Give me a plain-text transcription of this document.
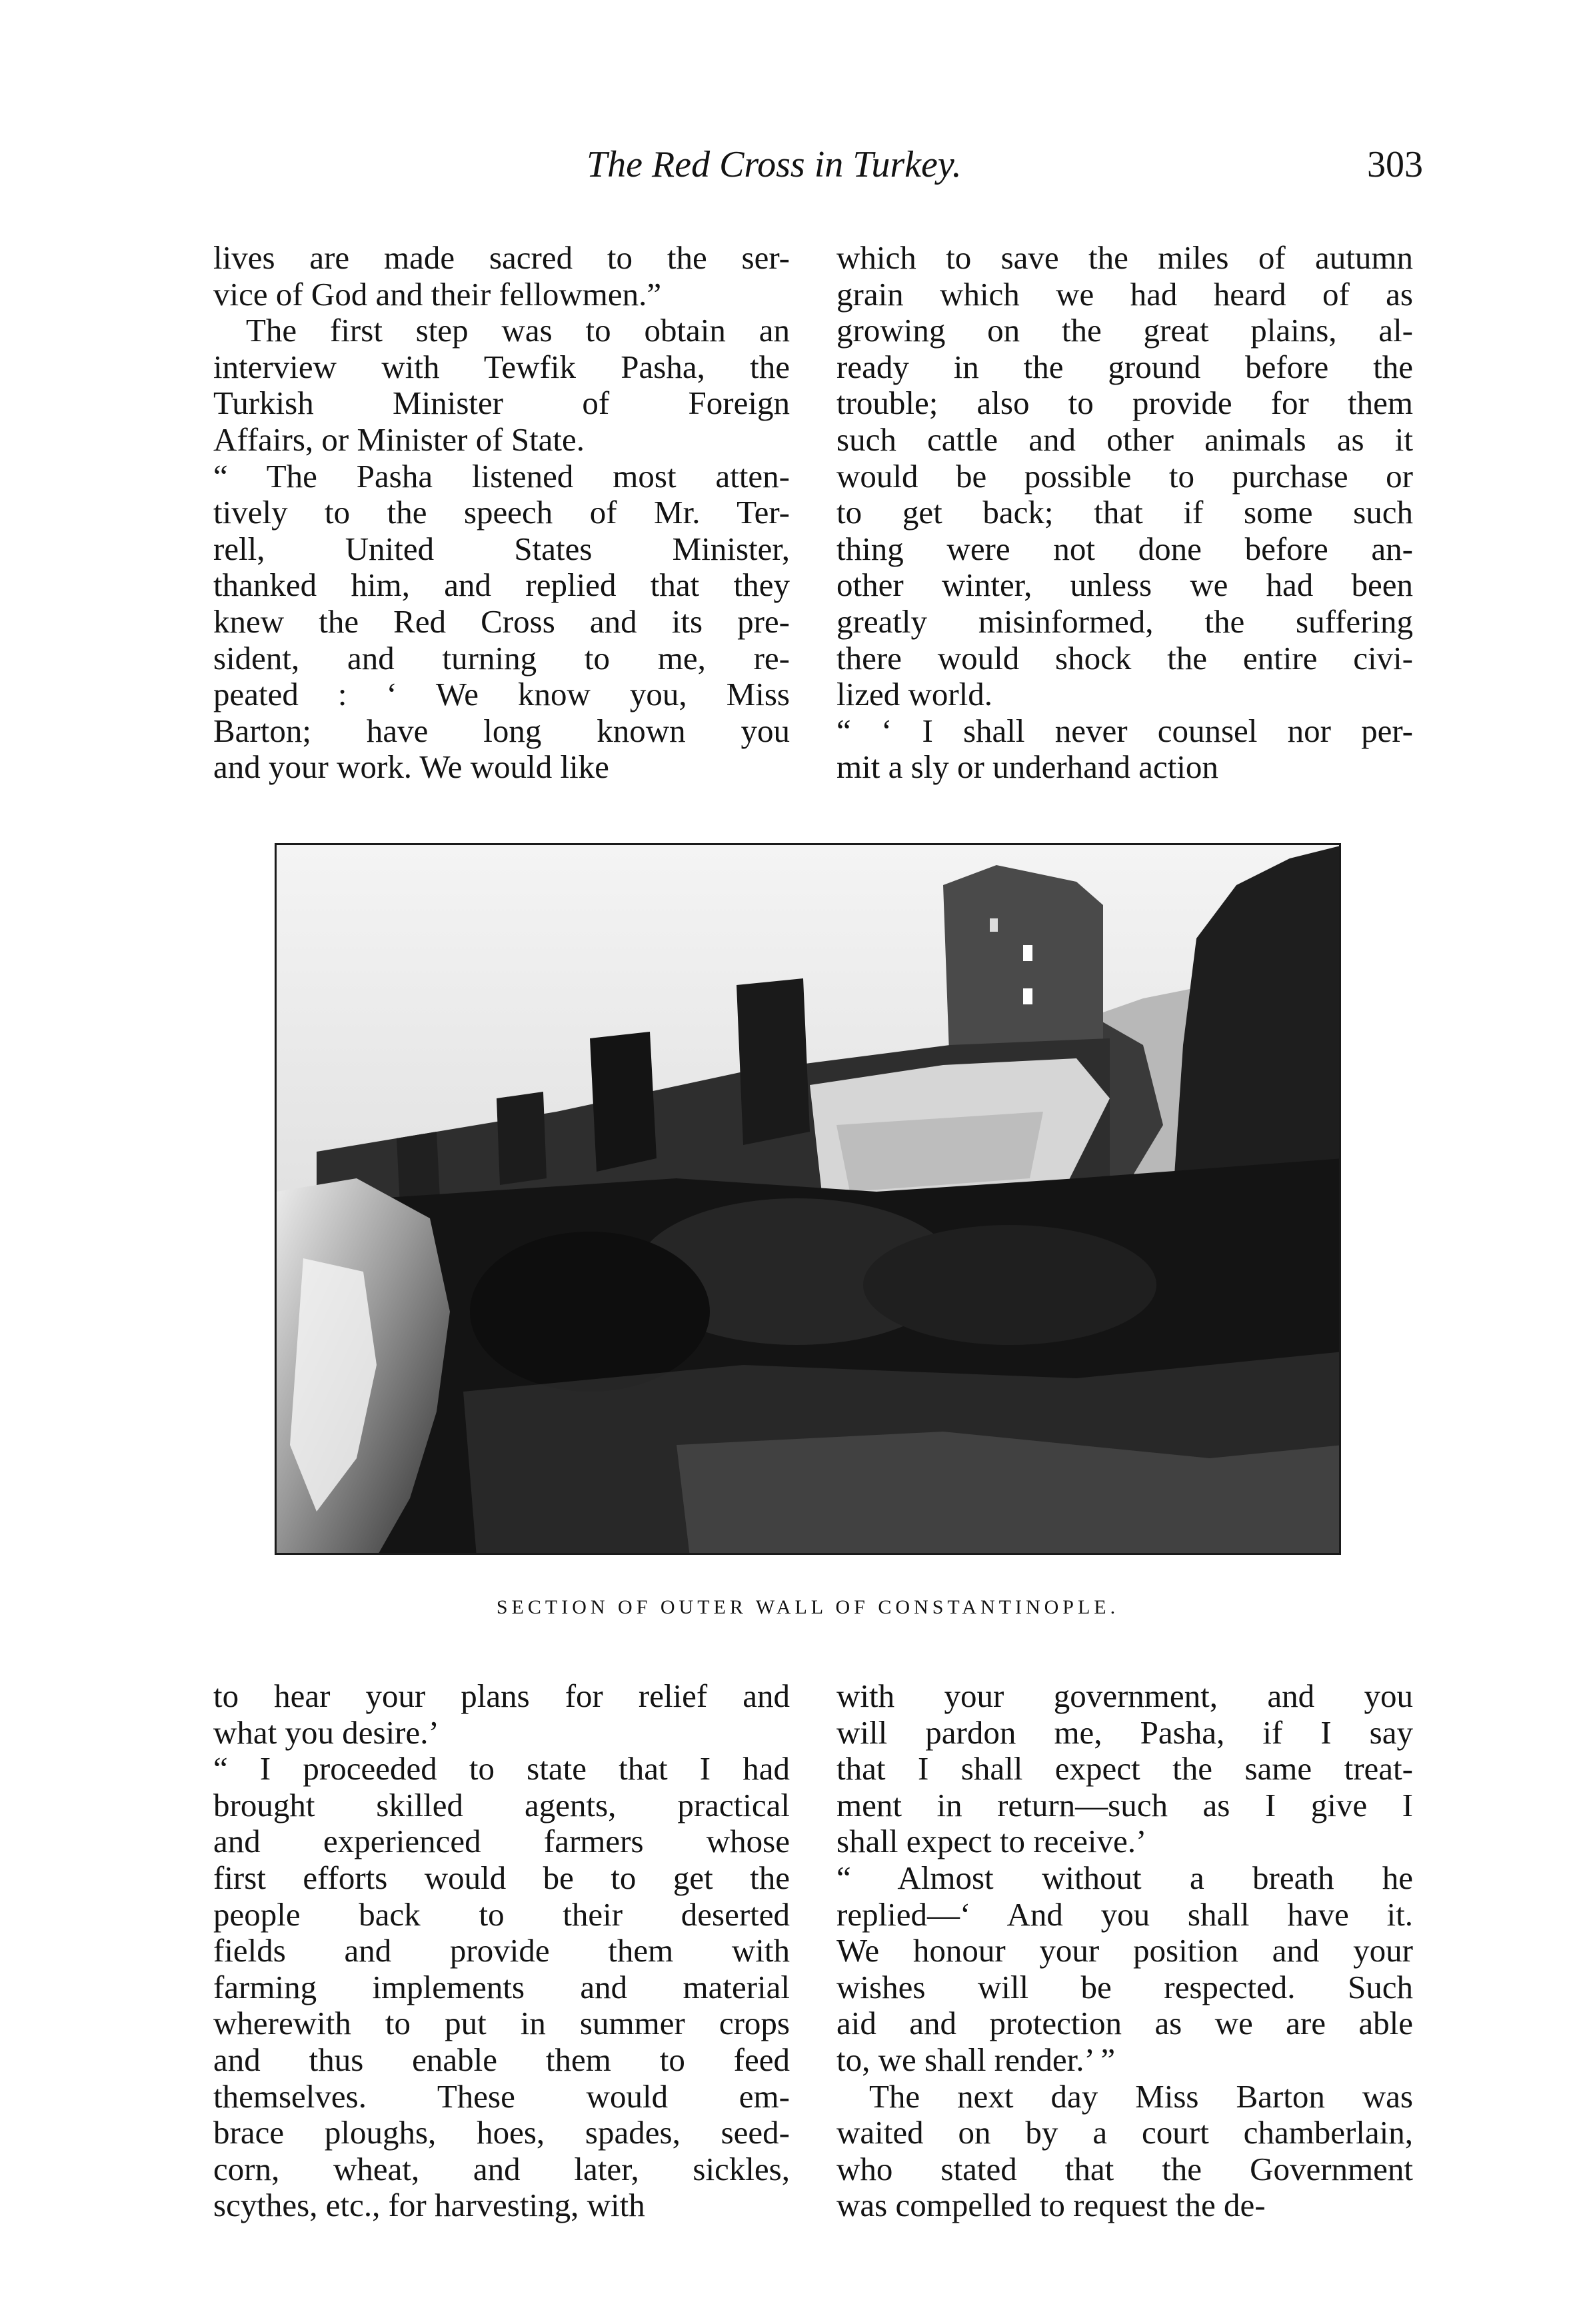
The Red Cross in Turkey.	303
lives are made sacred to the ser-
vice of God and their fellowmen.”
 The first step was to obtain an
interview with Tewfik Pasha, the
Turkish Minister of Foreign
Affairs, or Minister of State.
“ The Pasha listened most atten-
tively to the speech of Mr. Ter-
rell, United States Minister,
thanked him, and replied that they
knew the Red Cross and its pre-
sident, and turning to me, re-
peated : ‘ We know you, Miss
Barton; have long known you
and your work. We would like
which to save the miles of autumn
grain which we had heard of as
growing on the great plains, al-
ready in the ground before the
trouble; also to provide for them
such cattle and other animals as it
would be possible to purchase or
to get back; that if some such
thing were not done before an-
other winter, unless we had been
greatly misinformed, the suffering
there would shock the entire civi-
lized world.
“ ‘ I shall never counsel nor per-
mit a sly or underhand action
SECTION OF OUTER WALL OF CONSTANTINOPLE.
to hear your plans for relief and
what you desire.’
“ I proceeded to state that I had
brought skilled agents, practical
and experienced farmers whose
first efforts would be to get the
people back to their deserted
fields and provide them with
farming implements and material
wherewith to put in summer crops
and thus enable them to feed
themselves. These would em-
brace ploughs, hoes, spades, seed-
corn, wheat, and later, sickles,
scythes, etc., for harvesting, with
with your government, and you
will pardon me, Pasha, if I say
that I shall expect the same treat-
ment in return—such as I give I
shall expect to receive.’
“ Almost without a breath he
replied—‘ And you shall have it.
We honour your position and your
wishes will be respected. Such
aid and protection as we are able
to, we shall render.’ ”
 The next day Miss Barton was
waited on by a court chamberlain,
who stated that the Government
was compelled to request the de-
